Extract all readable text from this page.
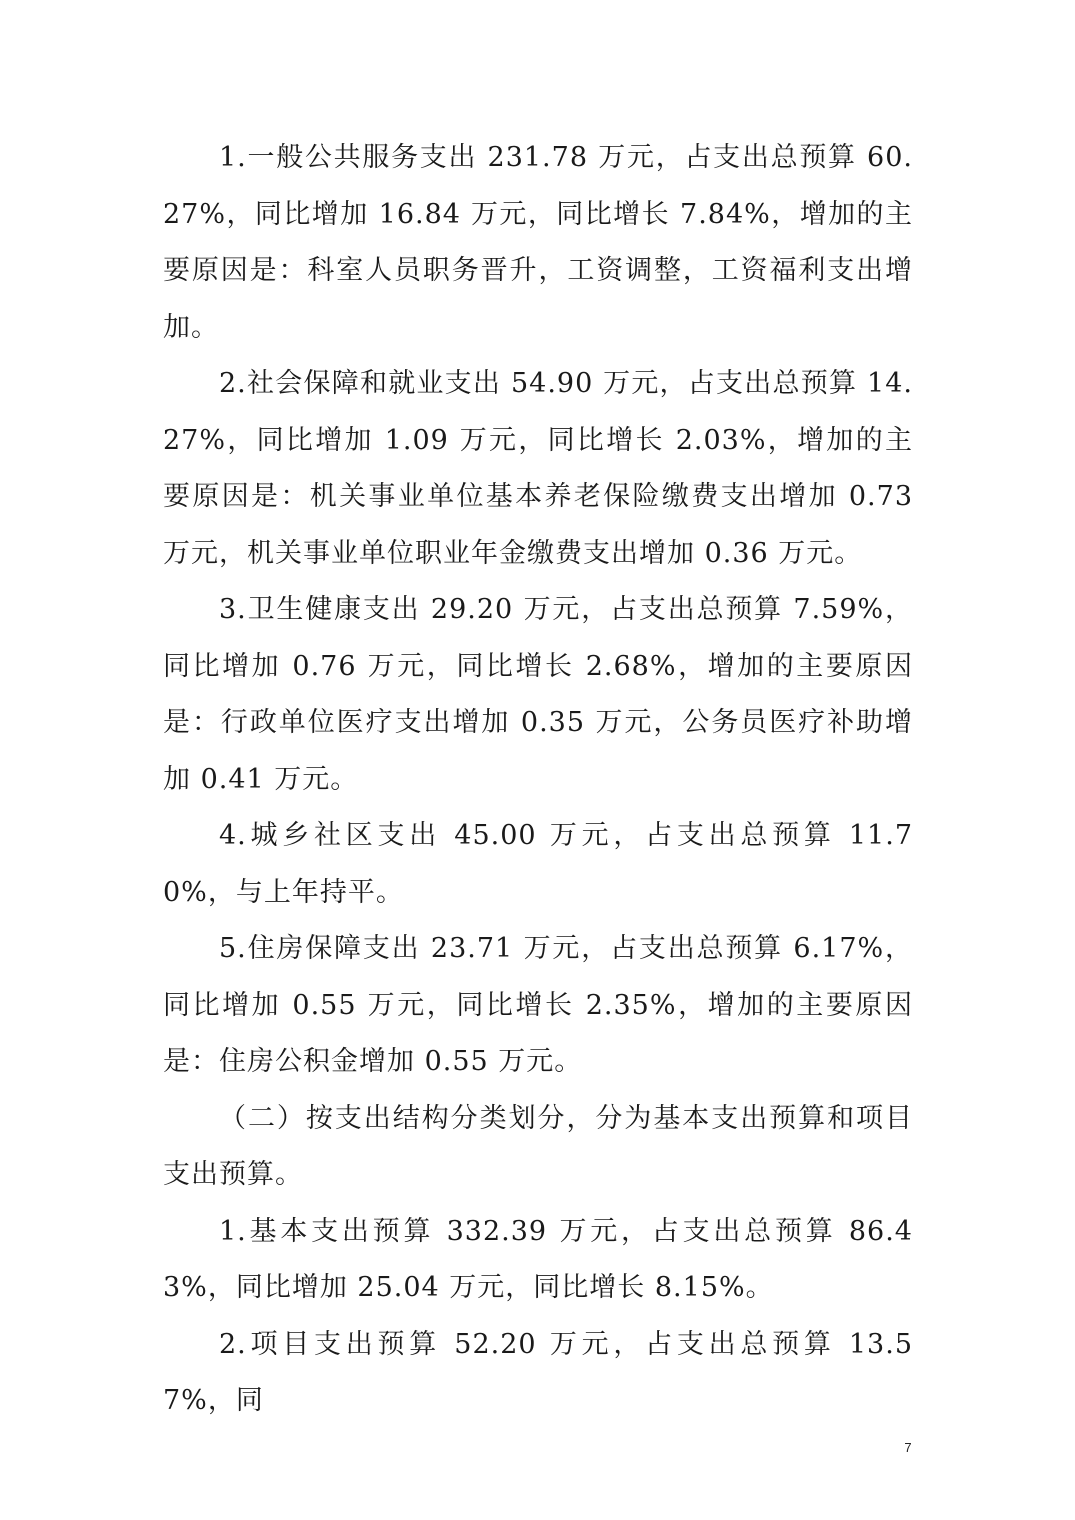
1.一般公共服务支出 231.78 万元，占支出总预算 60.27%，同比增加 16.84 万元，同比增长 7.84%，增加的主要原因是：科室人员职务晋升，工资调整，工资福利支出增加。

2.社会保障和就业支出 54.90 万元，占支出总预算 14.27%，同比增加 1.09 万元，同比增长 2.03%，增加的主要原因是：机关事业单位基本养老保险缴费支出增加 0.73 万元，机关事业单位职业年金缴费支出增加 0.36 万元。

3.卫生健康支出 29.20 万元，占支出总预算 7.59%，同比增加 0.76 万元，同比增长 2.68%，增加的主要原因是：行政单位医疗支出增加 0.35 万元，公务员医疗补助增加 0.41 万元。

4.城乡社区支出 45.00 万元，占支出总预算 11.70%，与上年持平。

5.住房保障支出 23.71 万元，占支出总预算 6.17%，同比增加 0.55 万元，同比增长 2.35%，增加的主要原因是：住房公积金增加 0.55 万元。

（二）按支出结构分类划分，分为基本支出预算和项目支出预算。

1.基本支出预算 332.39 万元，占支出总预算 86.43%，同比增加 25.04 万元，同比增长 8.15%。

2.项目支出预算 52.20 万元，占支出总预算 13.57%，同

7
